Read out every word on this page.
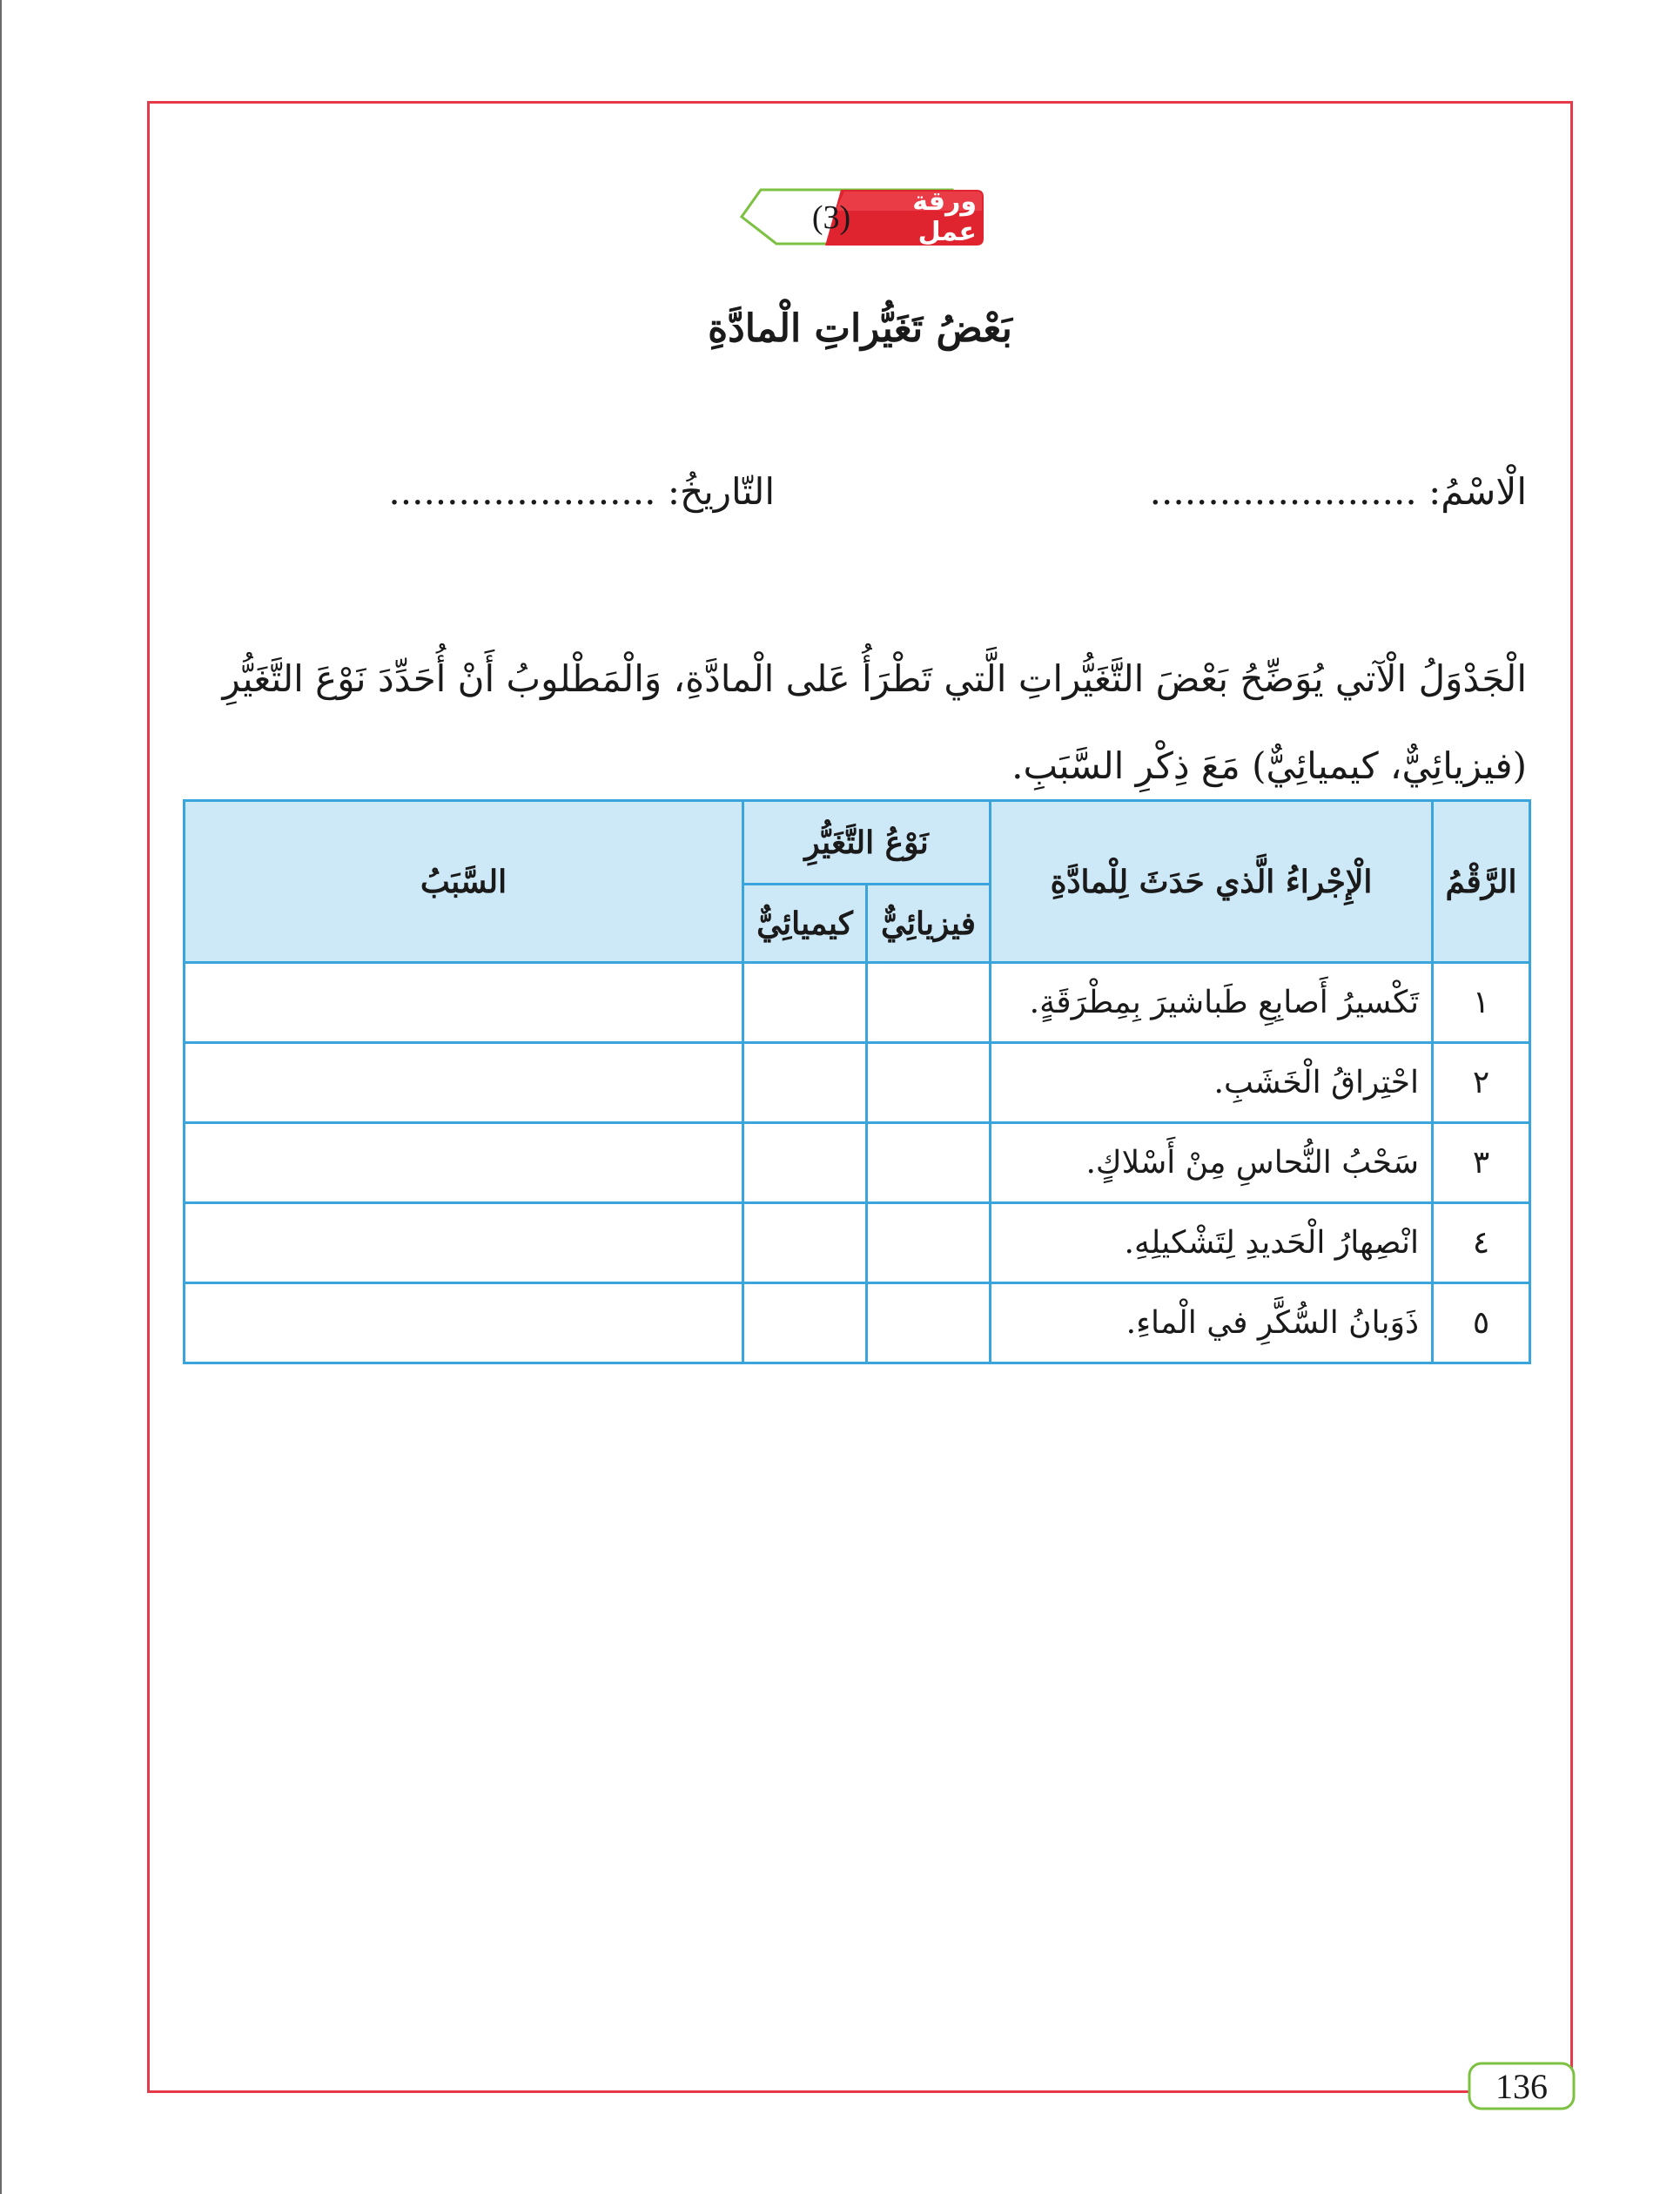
(3)	ورقة عمل
بَعْضُ تَغَيُّراتِ الْمادَّةِ
الْاسْمُ: .......................
التّاريخُ: .......................
الْجَدْوَلُ الْآتي يُوَضِّحُ بَعْضَ التَّغَيُّراتِ الَّتي تَطْرَأُ عَلى الْمادَّةِ، وَالْمَطْلوبُ أَنْ أُحَدِّدَ نَوْعَ التَّغَيُّرِ (فيزيائِيٌّ، كيميائِيٌّ) مَعَ ذِكْرِ السَّبَبِ.
الرَّقْمُ	الْإِجْراءُ الَّذي حَدَثَ لِلْمادَّةِ	نَوْعُ التَّغَيُّرِ		السَّبَبُ
		فيزيائِيٌّ	كيميائِيٌّ	
١	تَكْسيرُ أَصابِعِ طَباشيرَ بِمِطْرَقَةٍ.			
٢	احْتِراقُ الْخَشَبِ.			
٣	سَحْبُ النُّحاسِ مِنْ أَسْلاكٍ.			
٤	انْصِهارُ الْحَديدِ لِتَشْكيلِهِ.			
٥	ذَوَبانُ السُّكَّرِ في الْماءِ.			
136
